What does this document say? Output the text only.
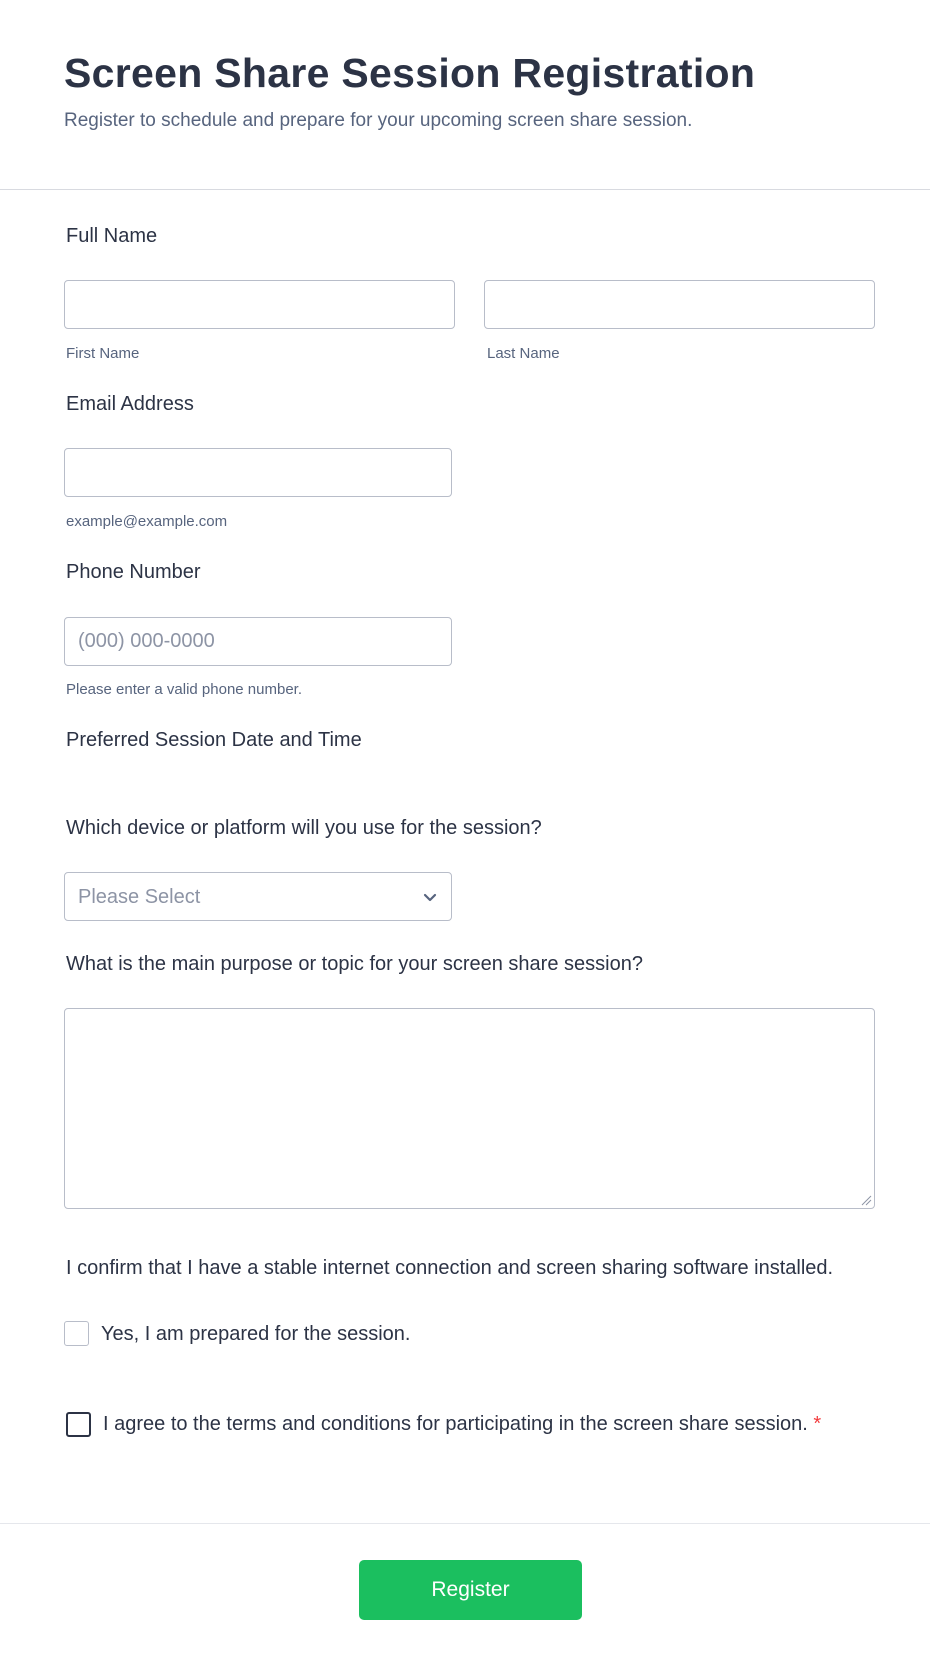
Screen Share Session Registration
Register to schedule and prepare for your upcoming screen share session.
Full Name
First Name	Last Name
Email Address
example@example.com
Phone Number
(000) 000-0000
Please enter a valid phone number.
Preferred Session Date and Time
Which device or platform will you use for the session?
Please Select
What is the main purpose or topic for your screen share session?
I confirm that I have a stable internet connection and screen sharing software installed.
Yes, I am prepared for the session.
I agree to the terms and conditions for participating in the screen share session. *
Register
